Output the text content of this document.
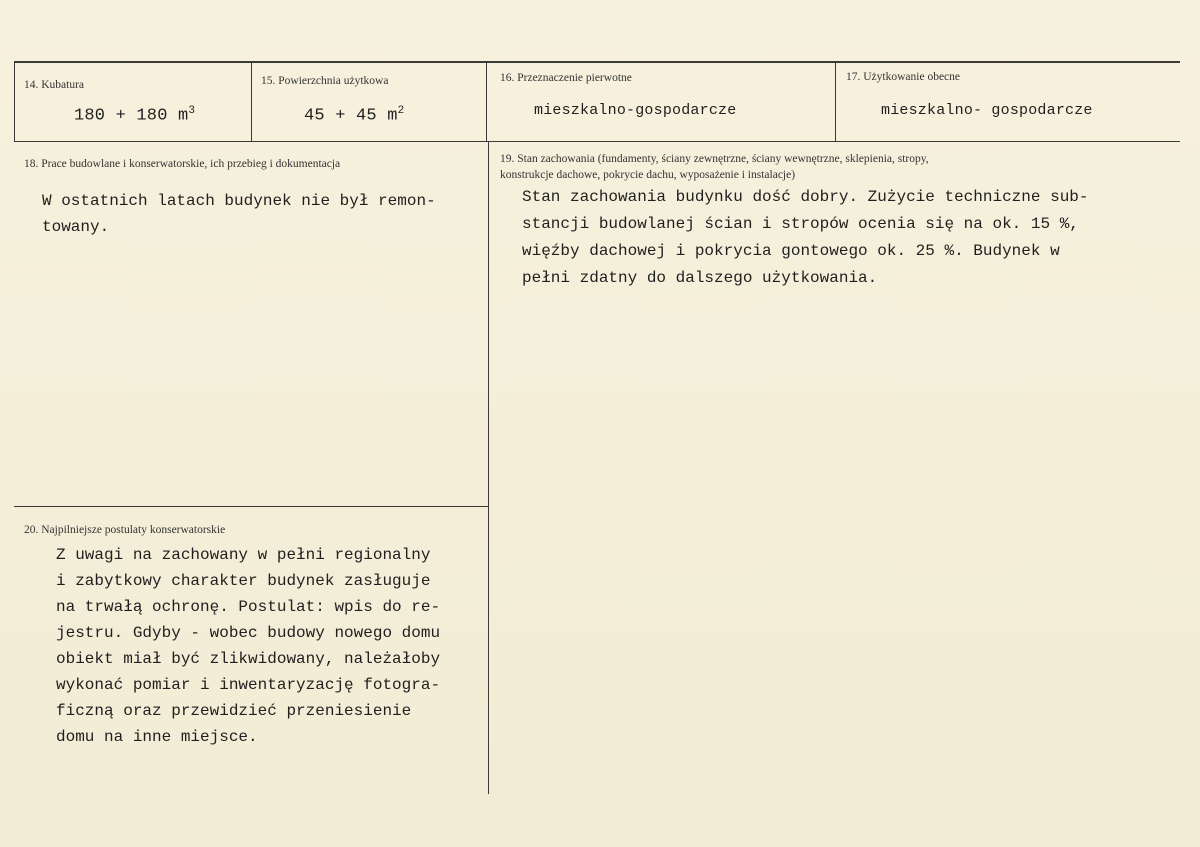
14. Kubatura
180 + 180 $m^3$
15. Powierzchnia użytkowa
45 + 45 $m^2$
16. Przeznaczenie pierwotne
mieszkalno-gospodarcze
17. Użytkowanie obecne
mieszkalno- gospodarcze
18. Prace budowlane i konserwatorskie, ich przebieg i dokumentacja
W ostatnich latach budynek nie był remon-
towany.
19. Stan zachowania (fundamenty, ściany zewnętrzne, ściany wewnętrzne, sklepienia, stropy,
konstrukcje dachowe, pokrycie dachu, wyposażenie i instalacje)
Stan zachowania budynku dość dobry. Zużycie techniczne sub-
stancji budowlanej ścian i stropów ocenia się na ok. 15 %,
więźby dachowej i pokrycia gontowego ok. 25 %. Budynek w
pełni zdatny do dalszego użytkowania.
20. Najpilniejsze postulaty konserwatorskie
Z uwagi na zachowany w pełni regionalny
i zabytkowy charakter budynek zasługuje
na trwałą ochronę. Postulat: wpis do re-
jestru. Gdyby - wobec budowy nowego domu
obiekt miał być zlikwidowany, należałoby
wykonać pomiar i inwentaryzację fotogra-
ficzną oraz przewidzieć przeniesienie
domu na inne miejsce.
